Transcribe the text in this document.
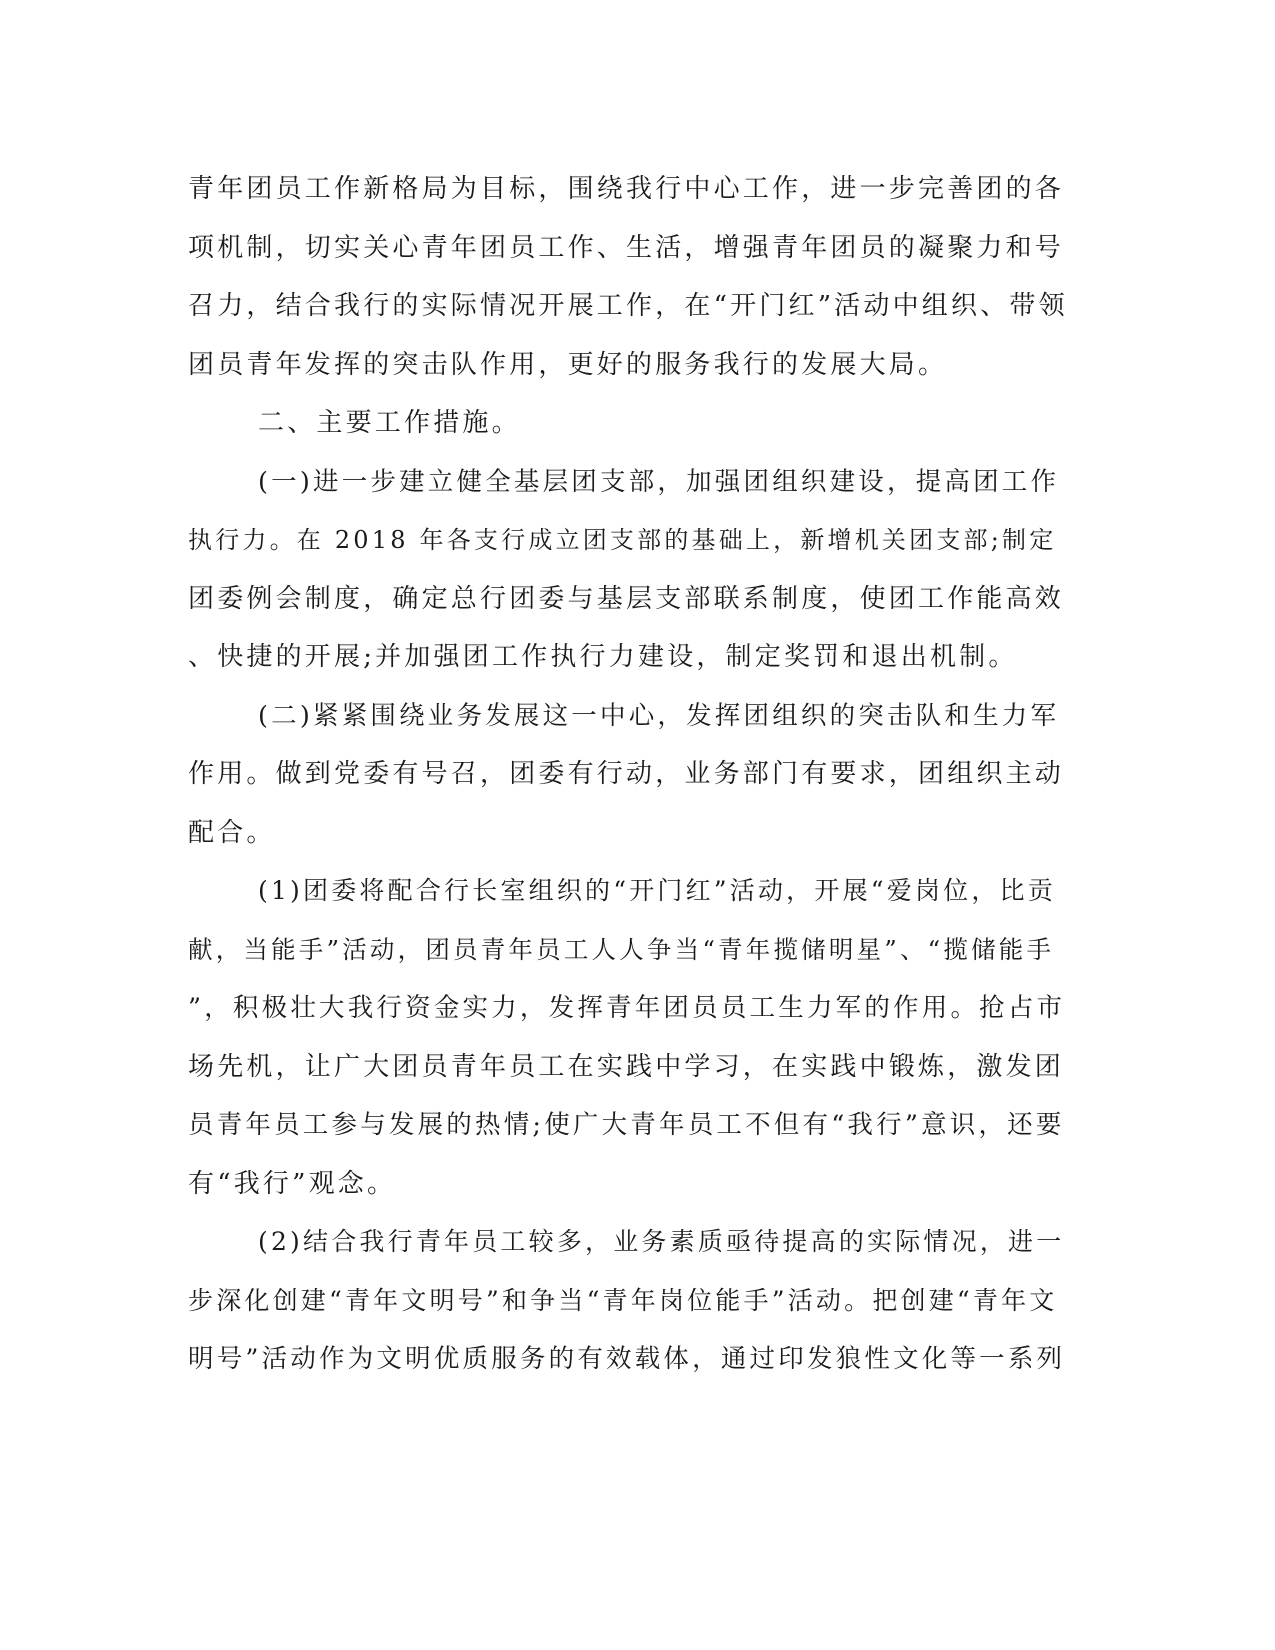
青年团员工作新格局为目标，围绕我行中心工作，进一步完善团的各
项机制，切实关心青年团员工作、生活，增强青年团员的凝聚力和号
召力，结合我行的实际情况开展工作，在“开门红”活动中组织、带领
团员青年发挥的突击队作用，更好的服务我行的发展大局。
二、主要工作措施。
(一)进一步建立健全基层团支部，加强团组织建设，提高团工作
执行力。在 2018 年各支行成立团支部的基础上，新增机关团支部;制定
团委例会制度，确定总行团委与基层支部联系制度，使团工作能高效
、快捷的开展;并加强团工作执行力建设，制定奖罚和退出机制。
(二)紧紧围绕业务发展这一中心，发挥团组织的突击队和生力军
作用。做到党委有号召，团委有行动，业务部门有要求，团组织主动
配合。
(1)团委将配合行长室组织的“开门红”活动，开展“爱岗位，比贡
献，当能手”活动，团员青年员工人人争当“青年揽储明星”、“揽储能手
”，积极壮大我行资金实力，发挥青年团员员工生力军的作用。抢占市
场先机，让广大团员青年员工在实践中学习，在实践中锻炼，激发团
员青年员工参与发展的热情;使广大青年员工不但有“我行”意识，还要
有“我行”观念。
(2)结合我行青年员工较多，业务素质亟待提高的实际情况，进一
步深化创建“青年文明号”和争当“青年岗位能手”活动。把创建“青年文
明号”活动作为文明优质服务的有效载体，通过印发狼性文化等一系列
